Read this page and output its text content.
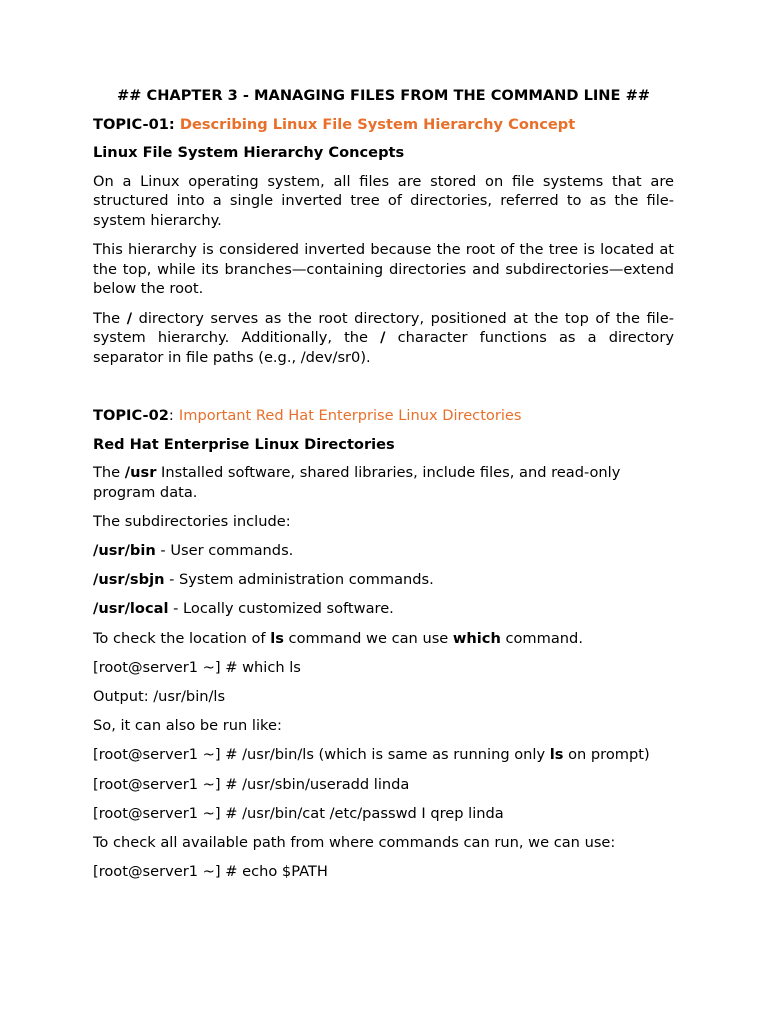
## CHAPTER 3 - MANAGING FILES FROM THE COMMAND LINE ##
TOPIC-01: Describing Linux File System Hierarchy Concept
Linux File System Hierarchy Concepts

On a Linux operating system, all files are stored on file systems that are structured into a single inverted tree of directories, referred to as the file-system hierarchy.

This hierarchy is considered inverted because the root of the tree is located at the top, while its branches—containing directories and subdirectories—extend below the root.

The / directory serves as the root directory, positioned at the top of the file-system hierarchy. Additionally, the / character functions as a directory separator in file paths (e.g., /dev/sr0).

TOPIC-02: Important Red Hat Enterprise Linux Directories
Red Hat Enterprise Linux Directories

The /usr Installed software, shared libraries, include files, and read-only program data.

The subdirectories include:

/usr/bin - User commands.

/usr/sbjn - System administration commands.

/usr/local - Locally customized software.

To check the location of ls command we can use which command.

[root@server1 ~] # which ls

Output: /usr/bin/ls

So, it can also be run like:

[root@server1 ~] # /usr/bin/ls (which is same as running only ls on prompt)

[root@server1 ~] # /usr/sbin/useradd linda

[root@server1 ~] # /usr/bin/cat /etc/passwd I qrep linda

To check all available path from where commands can run, we can use:

[root@server1 ~] # echo $PATH
